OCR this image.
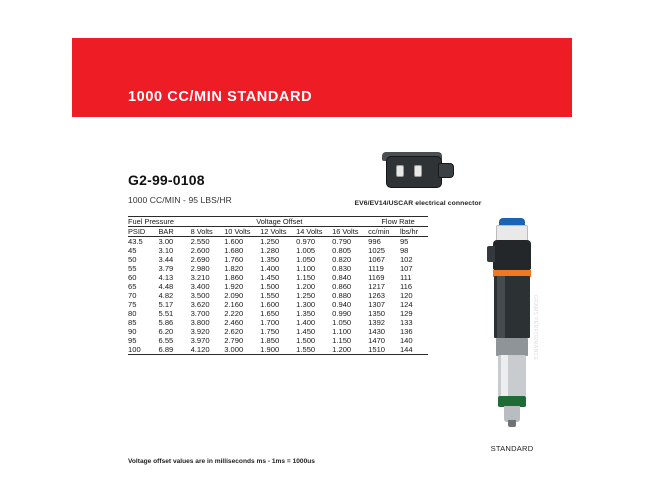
1000 CC/MIN STANDARD
G2-99-0108
1000 CC/MIN - 95 LBS/HR	EV6/EV14/USCAR electrical connector
Fuel Pressure		Voltage Offset					Flow Rate	
PSID	BAR	8 Volts	10 Volts	12 Volts	14 Volts	16 Volts	cc/min	lbs/hr
43.5	3.00	2.550	1.600	1.250	0.970	0.790	996	95
45	3.10	2.600	1.680	1.280	1.005	0.805	1025	98
50	3.44	2.690	1.760	1.350	1.050	0.820	1067	102
55	3.79	2.980	1.820	1.400	1.100	0.830	1119	107
60	4.13	3.210	1.860	1.450	1.150	0.840	1169	111
65	4.48	3.400	1.920	1.500	1.200	0.860	1217	116
70	4.82	3.500	2.090	1.550	1.250	0.880	1263	120
75	5.17	3.620	2.160	1.600	1.300	0.940	1307	124
80	5.51	3.700	2.220	1.650	1.350	0.990	1350	129
85	5.86	3.800	2.460	1.700	1.400	1.050	1392	133
90	6.20	3.920	2.620	1.750	1.450	1.100	1430	136
95	6.55	3.970	2.790	1.850	1.500	1.150	1470	140
100	6.89	4.120	3.000	1.900	1.550	1.200	1510	144
Voltage offset values are in milliseconds ms - 1ms = 1000us
GRAMS PERFORMANCE
STANDARD
